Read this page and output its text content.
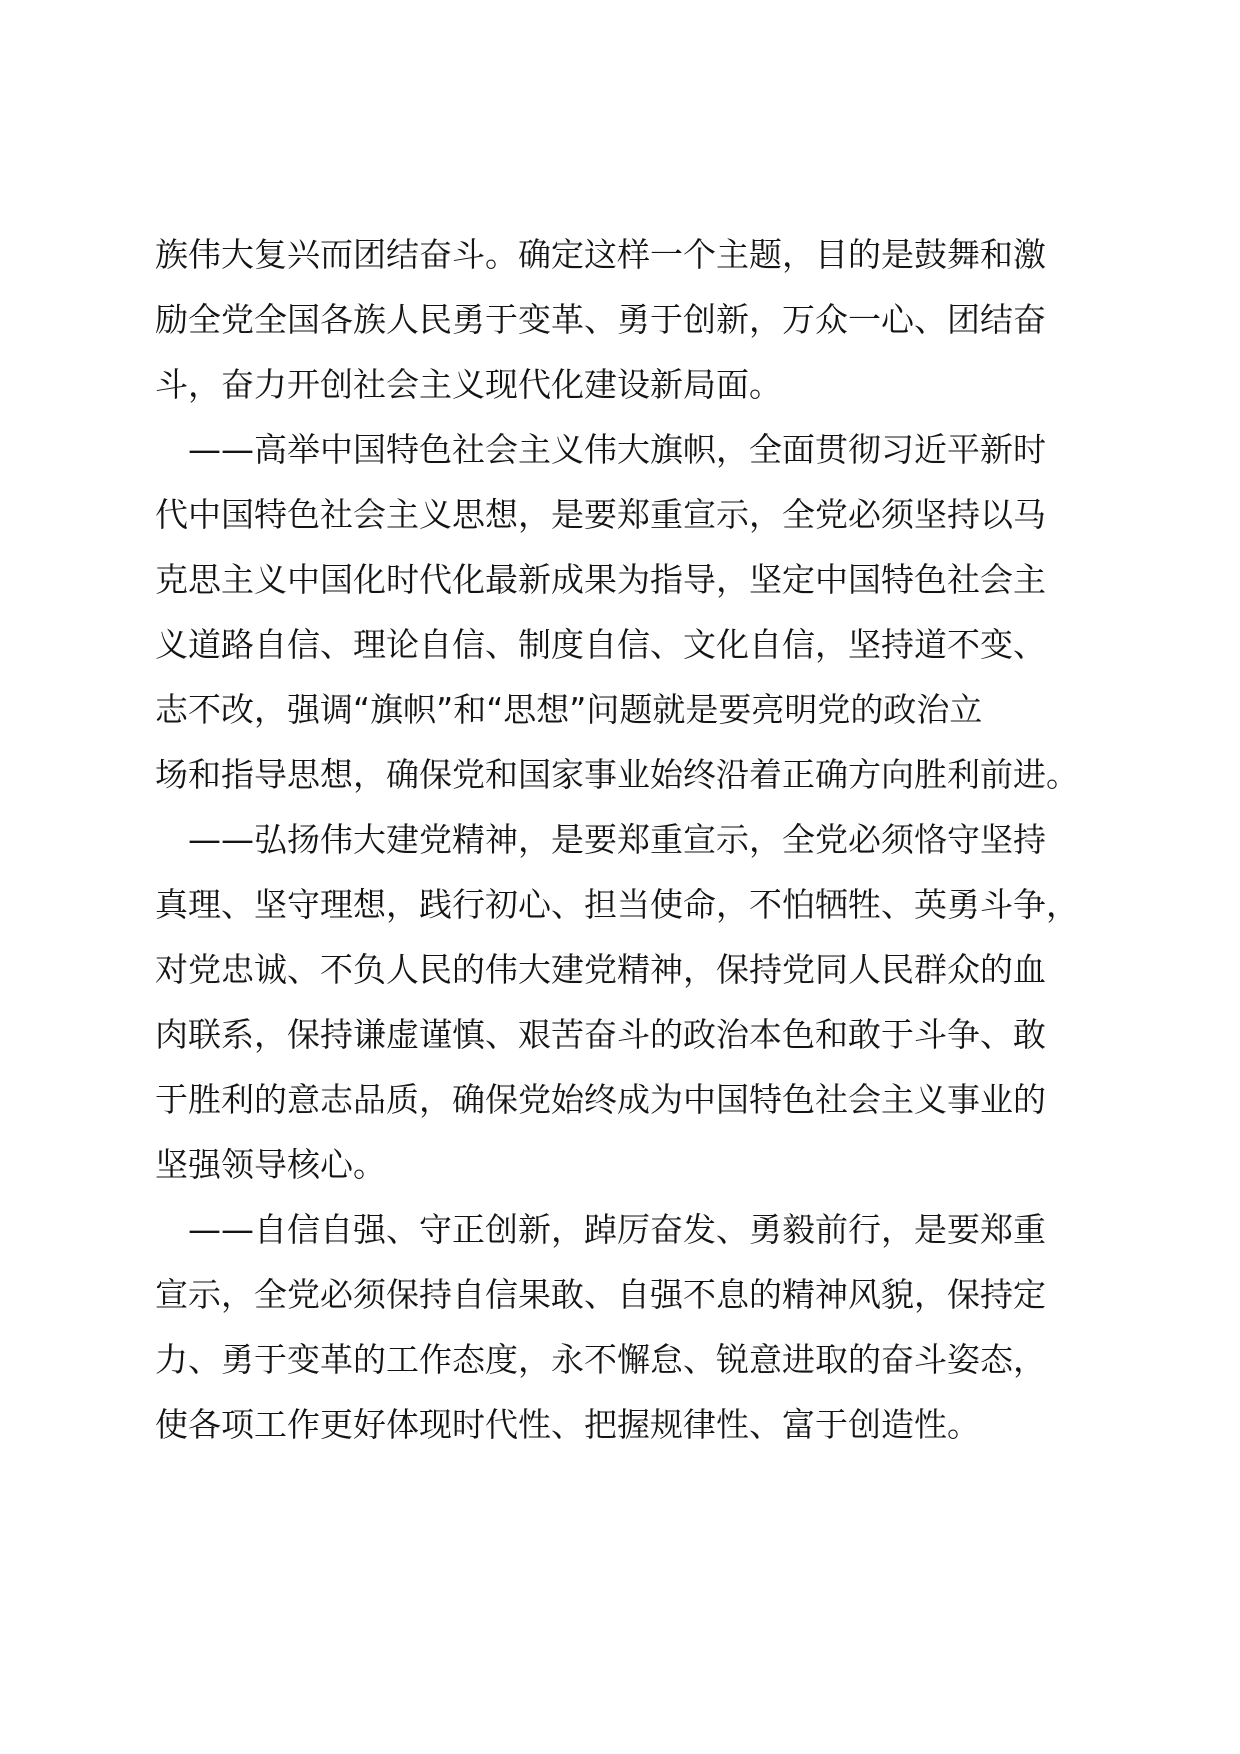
族伟大复兴而团结奋斗。确定这样一个主题，目的是鼓舞和激
励全党全国各族人民勇于变革、勇于创新，万众一心、团结奋
斗，奋力开创社会主义现代化建设新局面。
　——高举中国特色社会主义伟大旗帜，全面贯彻习近平新时
代中国特色社会主义思想，是要郑重宣示，全党必须坚持以马
克思主义中国化时代化最新成果为指导，坚定中国特色社会主
义道路自信、理论自信、制度自信、文化自信，坚持道不变、
志不改，强调“旗帜”和“思想”问题就是要亮明党的政治立
场和指导思想，确保党和国家事业始终沿着正确方向胜利前进。
　——弘扬伟大建党精神，是要郑重宣示，全党必须恪守坚持
真理、坚守理想，践行初心、担当使命，不怕牺牲、英勇斗争，
对党忠诚、不负人民的伟大建党精神，保持党同人民群众的血
肉联系，保持谦虚谨慎、艰苦奋斗的政治本色和敢于斗争、敢
于胜利的意志品质，确保党始终成为中国特色社会主义事业的
坚强领导核心。
　——自信自强、守正创新，踔厉奋发、勇毅前行，是要郑重
宣示，全党必须保持自信果敢、自强不息的精神风貌，保持定
力、勇于变革的工作态度，永不懈怠、锐意进取的奋斗姿态，
使各项工作更好体现时代性、把握规律性、富于创造性。
